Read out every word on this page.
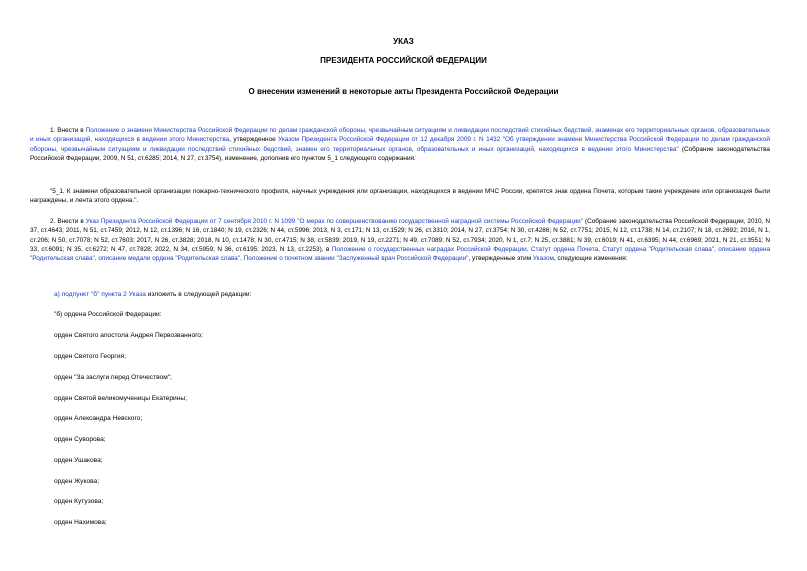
УКАЗ
ПРЕЗИДЕНТА РОССИЙСКОЙ ФЕДЕРАЦИИ
О внесении изменений в некоторые акты Президента Российской Федерации
1. Внести в Положение о знамени Министерства Российской Федерации по делам гражданской обороны, чрезвычайным ситуациям и ликвидации последствий стихийных бедствий, знаменах его территориальных органов, образовательных и иных организаций, находящихся в ведении этого Министерства, утвержденное Указом Президента Российской Федерации от 12 декабря 2009 г. N 1432 "Об утверждении знамени Министерства Российской Федерации по делам гражданской обороны, чрезвычайным ситуациям и ликвидации последствий стихийных бедствий, знамен его территориальных органов, образовательных и иных организаций, находящихся в ведении этого Министерства" (Собрание законодательства Российской Федерации, 2009, N 51, ст.6285; 2014, N 27, ст.3754), изменение, дополнив его пунктом 5_1 следующего содержания:
"5_1. К знамени образовательной организации пожарно-технического профиля, научных учреждения или организации, находящихся в ведении МЧС России, крепятся знак ордена Почета, которым такие учреждение или организация были награждены, и лента этого ордена.".
2. Внести в Указ Президента Российской Федерации от 7 сентября 2010 г. N 1099 "О мерах по совершенствованию государственной наградной системы Российской Федерации" (Собрание законодательства Российской Федерации, 2010, N 37, ст.4643; 2011, N 51, ст.7459; 2012, N 12, ст.1396; N 16, ст.1840; N 19, ст.2326; N 44, ст.5996; 2013, N 3, ст.171; N 13, ст.1529; N 26, ст.3310; 2014, N 27, ст.3754; N 30, ст.4286; N 52, ст.7751; 2015, N 12, ст.1738; N 14, ст.2107; N 18, ст.2692; 2016, N 1, ст.206; N 50, ст.7078; N 52, ст.7603; 2017, N 26, ст.3828; 2018, N 10, ст.1478; N 30, ст.4715; N 38, ст.5839; 2019, N 19, ст.2271; N 49, ст.7089; N 52, ст.7934; 2020, N 1, ст.7; N 25, ст.3881; N 39, ст.6019; N 41, ст.6395; N 44, ст.6969; 2021, N 21, ст.3551; N 33, ст.6091; N 35, ст.6272; N 47, ст.7828; 2022, N 34, ст.5959; N 36, ст.6195; 2023, N 13, ст.2253), в Положение о государственных наградах Российской Федерации, Статут ордена Почета, Статут ордена "Родительская слава", описание ордена "Родительская слава", описание медали ордена "Родительская слава", Положение о почетном звании "Заслуженный врач Российской Федерации", утвержденные этим Указом, следующие изменения:
а) подпункт "б" пункта 2 Указа изложить в следующей редакции:
"б) ордена Российской Федерации:
орден Святого апостола Андрея Первозванного;
орден Святого Георгия;
орден "За заслуги перед Отечеством";
орден Святой великомученицы Екатерины;
орден Александра Невского;
орден Суворова;
орден Ушакова;
орден Жукова;
орден Кутузова;
орден Нахимова;
